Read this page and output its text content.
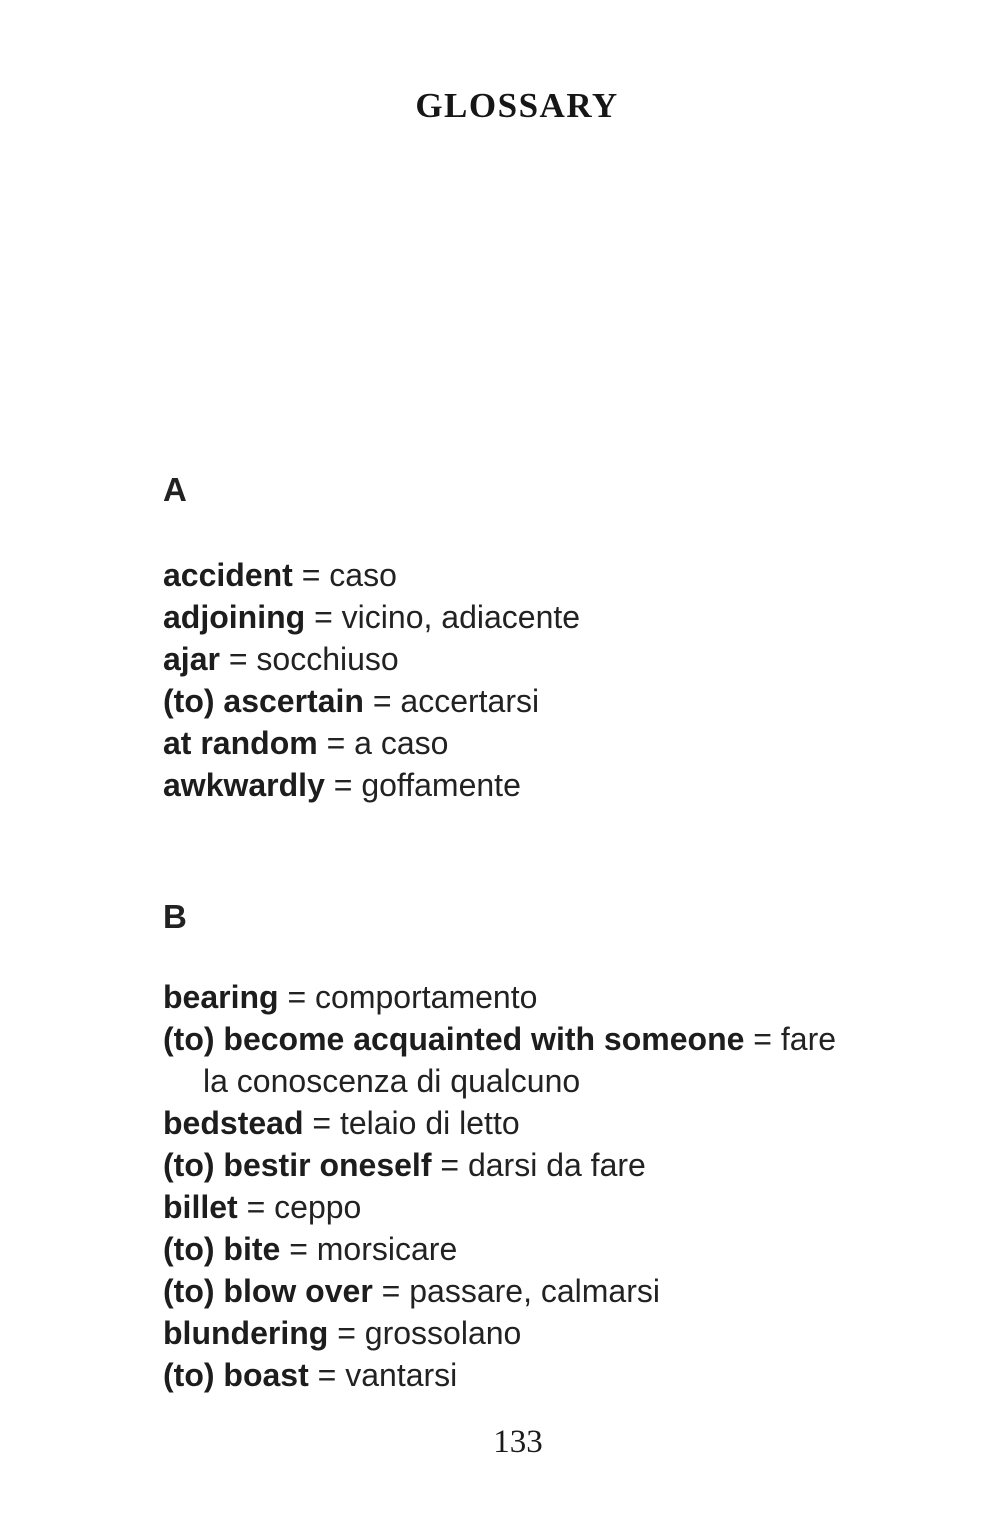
GLOSSARY
A

accident = caso

adjoining = vicino, adiacente

ajar = socchiuso

(to) ascertain = accertarsi

at random = a caso

awkwardly = goffamente

B

bearing = comportamento

(to) become acquainted with someone = fare la conoscenza di qualcuno

bedstead = telaio di letto

(to) bestir oneself = darsi da fare

billet = ceppo

(to) bite = morsicare

(to) blow over = passare, calmarsi

blundering = grossolano

(to) boast = vantarsi

133
